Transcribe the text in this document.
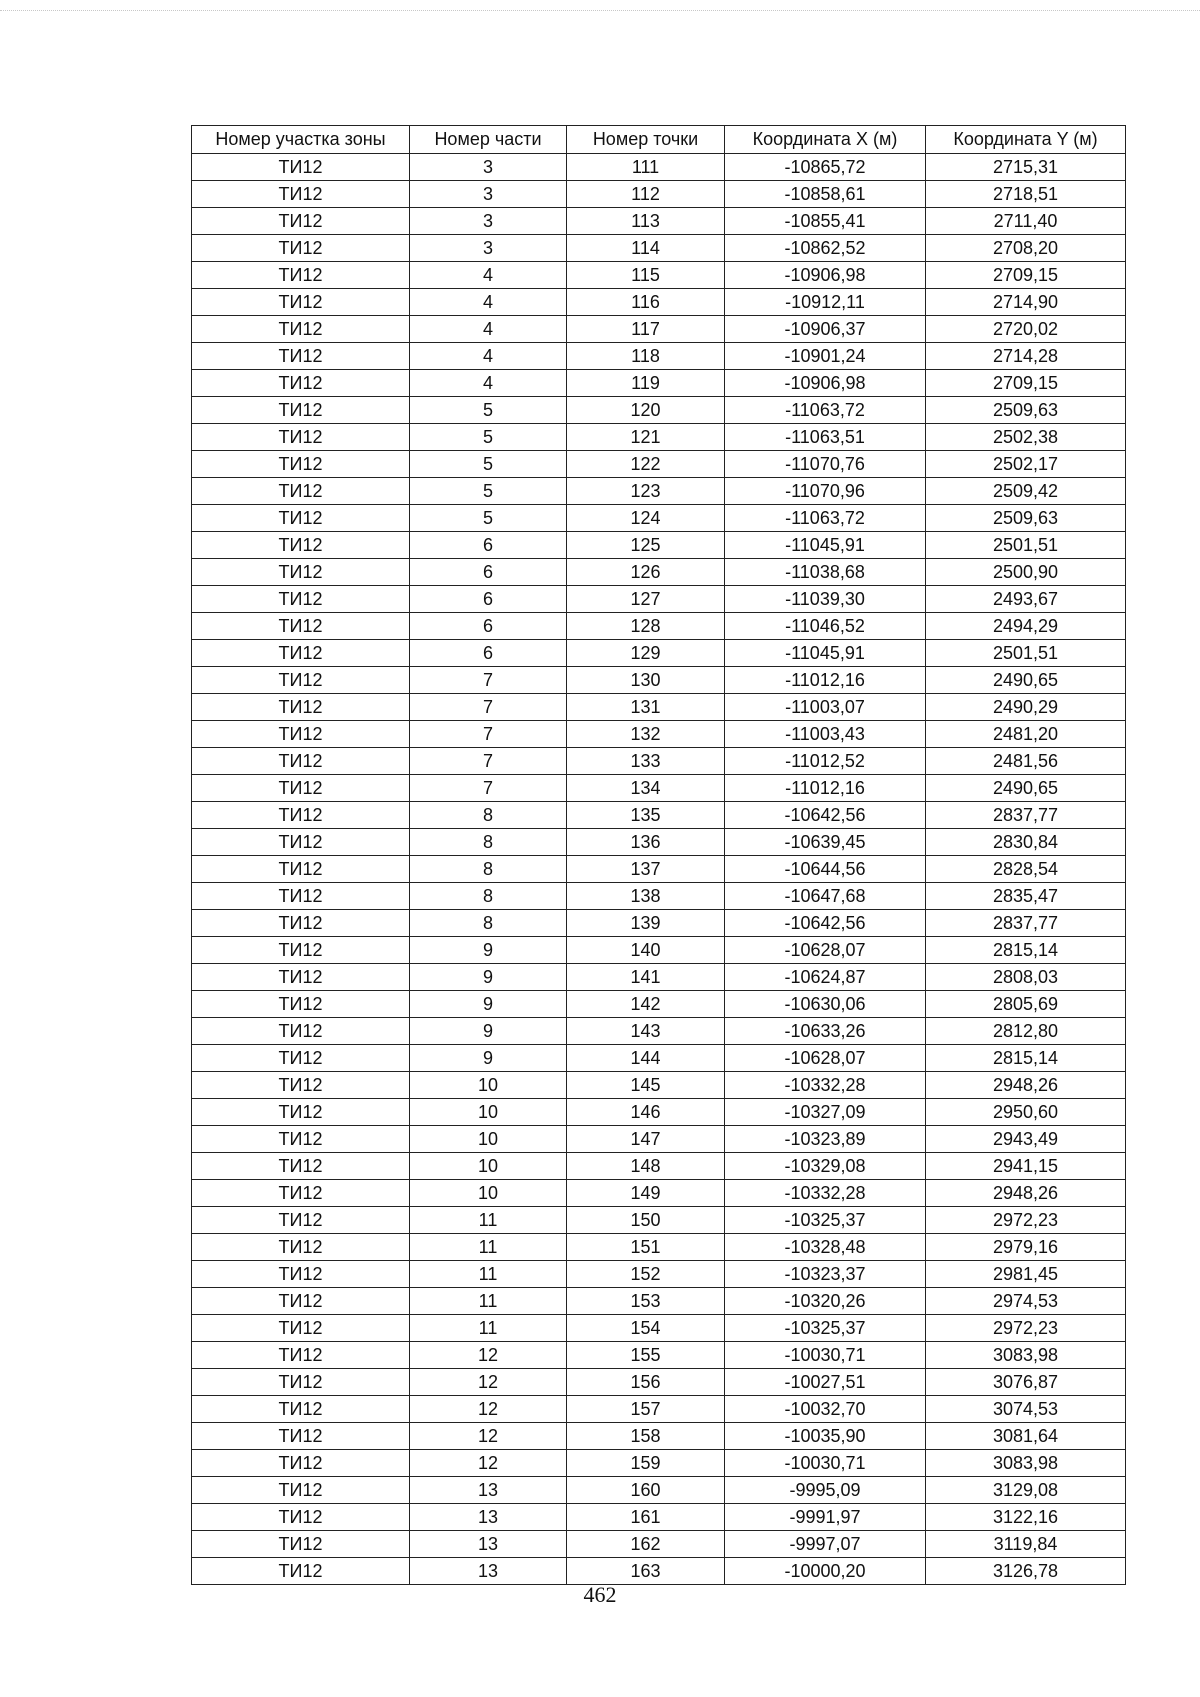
Номер участка зоны	Номер части	Номер точки	Координата X (м)	Координата Y (м)
ТИ12	3	111	-10865,72	2715,31
ТИ12	3	112	-10858,61	2718,51
ТИ12	3	113	-10855,41	2711,40
ТИ12	3	114	-10862,52	2708,20
ТИ12	4	115	-10906,98	2709,15
ТИ12	4	116	-10912,11	2714,90
ТИ12	4	117	-10906,37	2720,02
ТИ12	4	118	-10901,24	2714,28
ТИ12	4	119	-10906,98	2709,15
ТИ12	5	120	-11063,72	2509,63
ТИ12	5	121	-11063,51	2502,38
ТИ12	5	122	-11070,76	2502,17
ТИ12	5	123	-11070,96	2509,42
ТИ12	5	124	-11063,72	2509,63
ТИ12	6	125	-11045,91	2501,51
ТИ12	6	126	-11038,68	2500,90
ТИ12	6	127	-11039,30	2493,67
ТИ12	6	128	-11046,52	2494,29
ТИ12	6	129	-11045,91	2501,51
ТИ12	7	130	-11012,16	2490,65
ТИ12	7	131	-11003,07	2490,29
ТИ12	7	132	-11003,43	2481,20
ТИ12	7	133	-11012,52	2481,56
ТИ12	7	134	-11012,16	2490,65
ТИ12	8	135	-10642,56	2837,77
ТИ12	8	136	-10639,45	2830,84
ТИ12	8	137	-10644,56	2828,54
ТИ12	8	138	-10647,68	2835,47
ТИ12	8	139	-10642,56	2837,77
ТИ12	9	140	-10628,07	2815,14
ТИ12	9	141	-10624,87	2808,03
ТИ12	9	142	-10630,06	2805,69
ТИ12	9	143	-10633,26	2812,80
ТИ12	9	144	-10628,07	2815,14
ТИ12	10	145	-10332,28	2948,26
ТИ12	10	146	-10327,09	2950,60
ТИ12	10	147	-10323,89	2943,49
ТИ12	10	148	-10329,08	2941,15
ТИ12	10	149	-10332,28	2948,26
ТИ12	11	150	-10325,37	2972,23
ТИ12	11	151	-10328,48	2979,16
ТИ12	11	152	-10323,37	2981,45
ТИ12	11	153	-10320,26	2974,53
ТИ12	11	154	-10325,37	2972,23
ТИ12	12	155	-10030,71	3083,98
ТИ12	12	156	-10027,51	3076,87
ТИ12	12	157	-10032,70	3074,53
ТИ12	12	158	-10035,90	3081,64
ТИ12	12	159	-10030,71	3083,98
ТИ12	13	160	-9995,09	3129,08
ТИ12	13	161	-9991,97	3122,16
ТИ12	13	162	-9997,07	3119,84
ТИ12	13	163	-10000,20	3126,78
462
